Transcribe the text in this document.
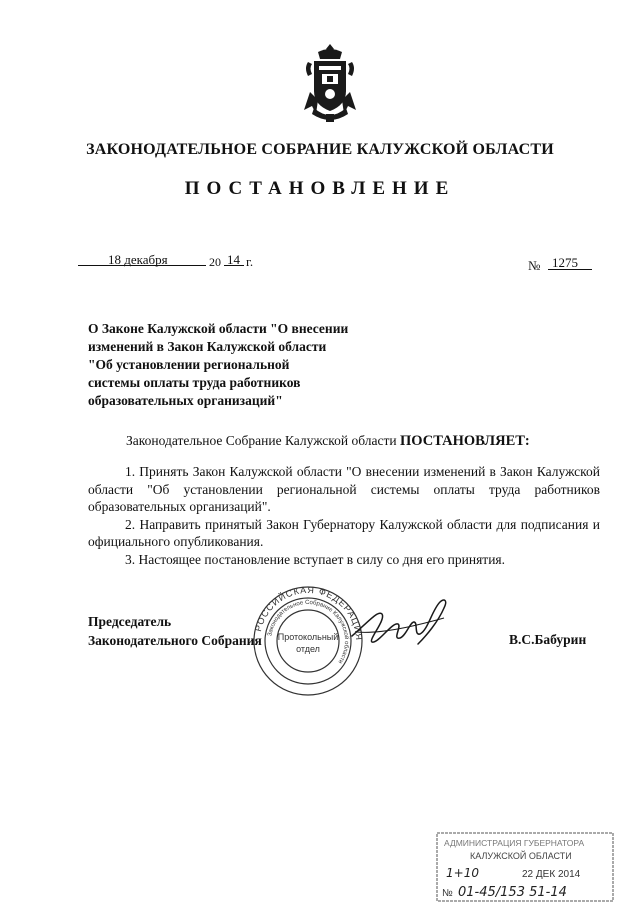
ЗАКОНОДАТЕЛЬНОЕ СОБРАНИЕ КАЛУЖСКОЙ ОБЛАСТИ
ПОСТАНОВЛЕНИЕ
18 декабря	20 14 г.	№ 1275
О Законе Калужской области "О внесении
изменений в Закон Калужской области
"Об установлении региональной
системы оплаты труда работников
образовательных организаций"
Законодательное Собрание Калужской области ПОСТАНОВЛЯЕТ:

1. Принять Закон Калужской области "О внесении изменений в Закон Калужской области "Об установлении региональной системы оплаты труда работников образовательных организаций".

2. Направить принятый Закон Губернатору Калужской области для подписания и официального опубликования.

3. Настоящее постановление вступает в силу со дня его принятия.

РОССИЙСКАЯ ФЕДЕРАЦИЯ
Законодательное Собрание Калужской области
Протокольный
отдел
Председатель
Законодательного Собрания	В.С.Бабурин
АДМИНИСТРАЦИЯ ГУБЕРНАТОРА
КАЛУЖСКОЙ ОБЛАСТИ
1+10	22 ДЕК 2014
№ 01-45/153 51-14
